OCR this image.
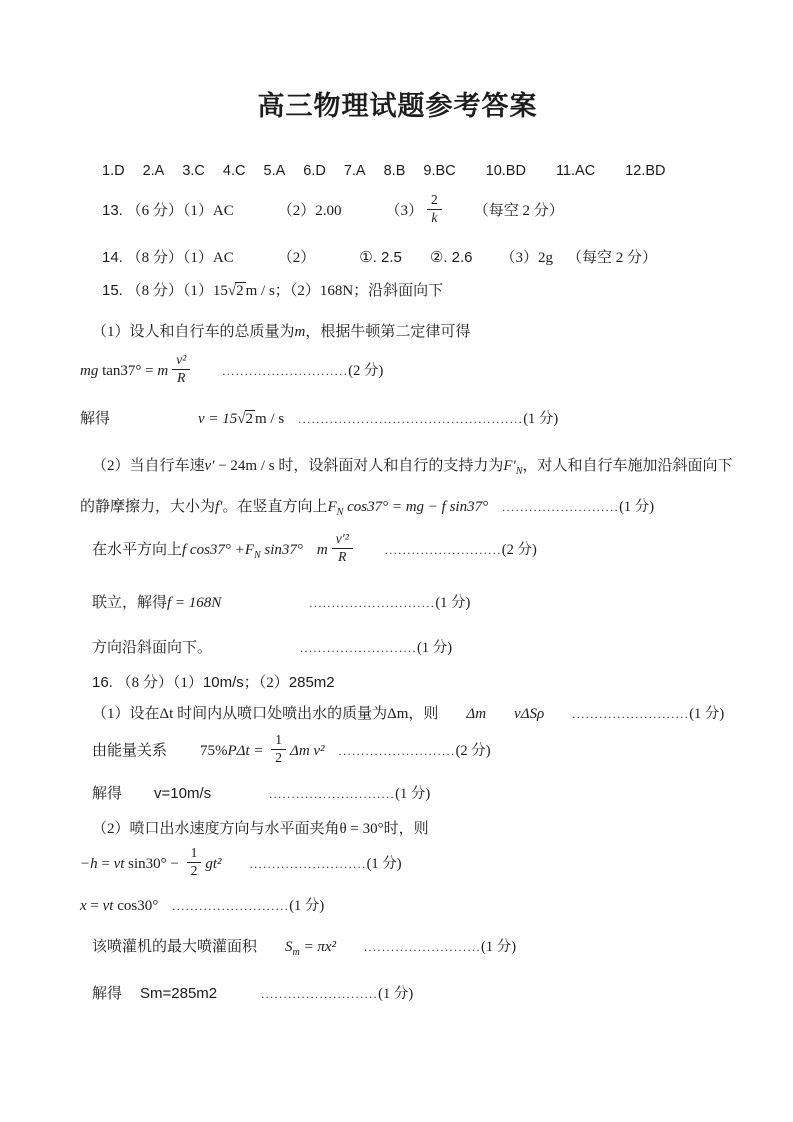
高三物理试题参考答案
1.D 2.A 3.C 4.C 5.A 6.D 7.A 8.B 9.BC 10.BD 11.AC 12.BD
13. （6 分）（1）AC	（2）2.00	$(3) \frac{2}{k}$ （每空 2 分）
14. （8 分）（1）AC	（2）	①. 2.5 ②. 2.6 （3）2g （每空 2 分）
15. （8 分）（1）15√2 m / s；（2）168N；沿斜面向下
（1）设人和自行车的总质量为m，根据牛顿第二定律可得
mg tan37° = m $\frac{\text{v²}}{R}$	............................(2 分)
解得	v = 15√2 m / s ..................................................(1 分)
（2）当自行车速v′ − 24m / s 时，设斜面对人和自行的支持力为$F'_N$，对人和自行车施加沿斜面向下
的静摩擦力，大小为f′。在竖直方向上$F_N$ cos37° = mg − f sin37° ..........................(1 分)
在水平方向上f $\cos 37^\circ +F_N$ sin37° m $\frac{\text{v′²}}{R}$	..........................(2 分)
联立，解得f = 168N	............................(1 分)
方向沿斜面向下。	..........................(1 分)
16. （8 分）（1）10m/s；（2）285m2
（1）设在Δt 时间内从喷口处喷出水的质量为Δm，则 Δm vΔSρ ..........................(1 分)
由能量关系 $75\%P\Delta t = \frac{1}{2}$ Δm v² ..........................(2 分)
解得 v=10m/s	............................(1 分)
（2）喷口出水速度方向与水平面夹角θ = 30°时，则
−h = vt $\sin 30^\circ - \frac{1}{2} gt^2$ ..........................(1 分)
x = vt cos30° ..........................(1 分)
该喷灌机的最大喷灌面积 $S_m = \pi x^2$ ..........................(1 分)
解得 Sm=285m2	..........................(1 分)
